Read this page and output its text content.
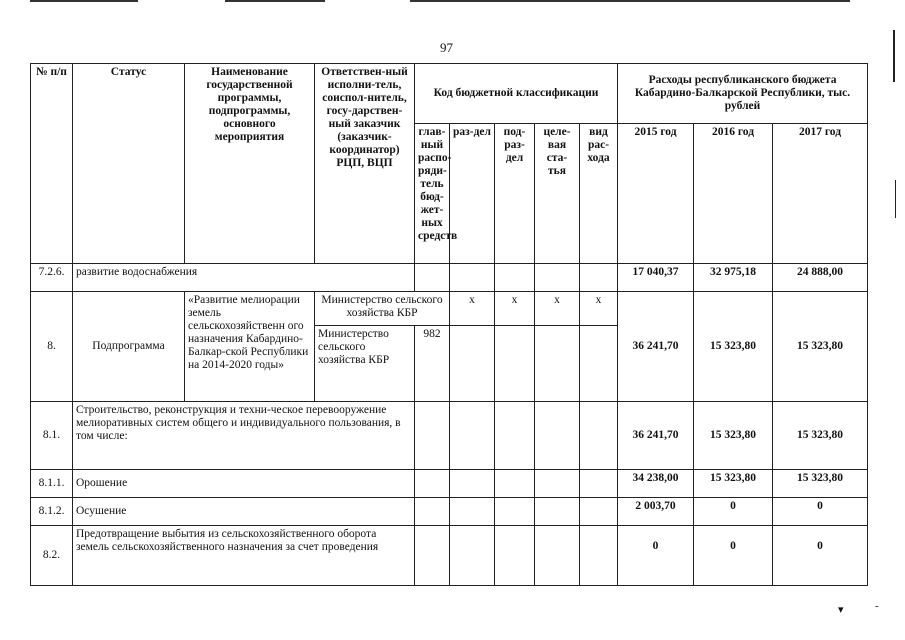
97
№ п/п	Статус	Наименование государственной программы, подпрограммы, основного мероприятия	Ответствен-ный исполни-тель, соиспол-нитель, госу-дарствен-ный заказчик (заказчик-координатор) РЦП, ВЦП	Код бюджетной классификации					Расходы республиканского бюджета Кабардино-Балкарской Республики, тыс. рублей		
				глав-ный распо-ряди-тель бюд-жет-ных средств	раз-дел	под-раз-дел	целе-вая ста-тья	вид рас-хода	2015 год	2016 год	2017 год
7.2.6.	развитие водоснабжения								17 040,37	32 975,18	24 888,00
8.	Подпрограмма	«Развитие мелиорации земель сельскохозяйственн ого назначения Кабардино-Балкар-ской Республики на 2014-2020 годы»	Министерство сельского хозяйства КБР		x	x	x	x	36 241,70	15 323,80	15 323,80
			Министерство сельского хозяйства КБР	982							
8.1.	Строительство, реконструкция и техни-ческое перевооружение мелиоративных систем общего и индивидуального пользования, в том числе:								36 241,70	15 323,80	15 323,80
8.1.1.	Орошение								34 238,00	15 323,80	15 323,80
8.1.2.	Осушение								2 003,70	0	0
8.2.	Предотвращение выбытия из сельскохозяйственного оборота земель сельскохозяйственного назначения за счет проведения								0	0	0
▾	-
